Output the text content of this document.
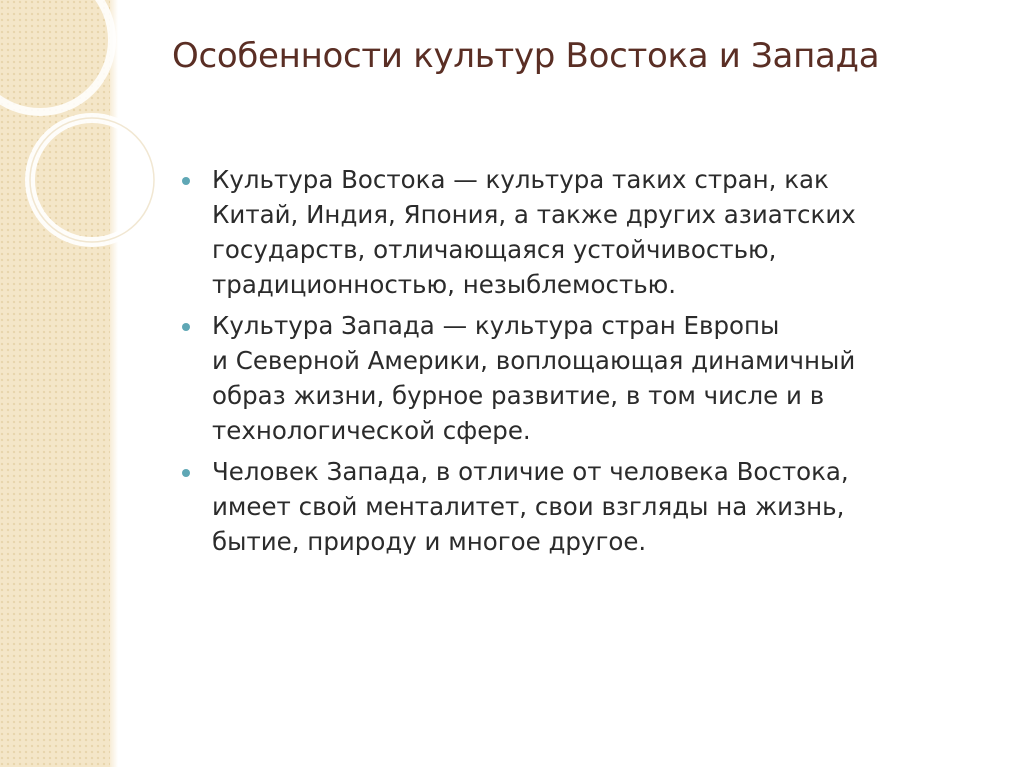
Особенности культур Востока и Запада
Культура Востока — культура таких стран, как
Китай, Индия, Япония, а также других азиатских
государств, отличающаяся устойчивостью,
традиционностью, незыблемостью.
Культура Запада — культура стран Европы
и Северной Америки, воплощающая динамичный
образ жизни, бурное развитие, в том числе и в
технологической сфере.
Человек Запада, в отличие от человека Востока,
имеет свой менталитет, свои взгляды на жизнь,
бытие, природу и многое другое.
